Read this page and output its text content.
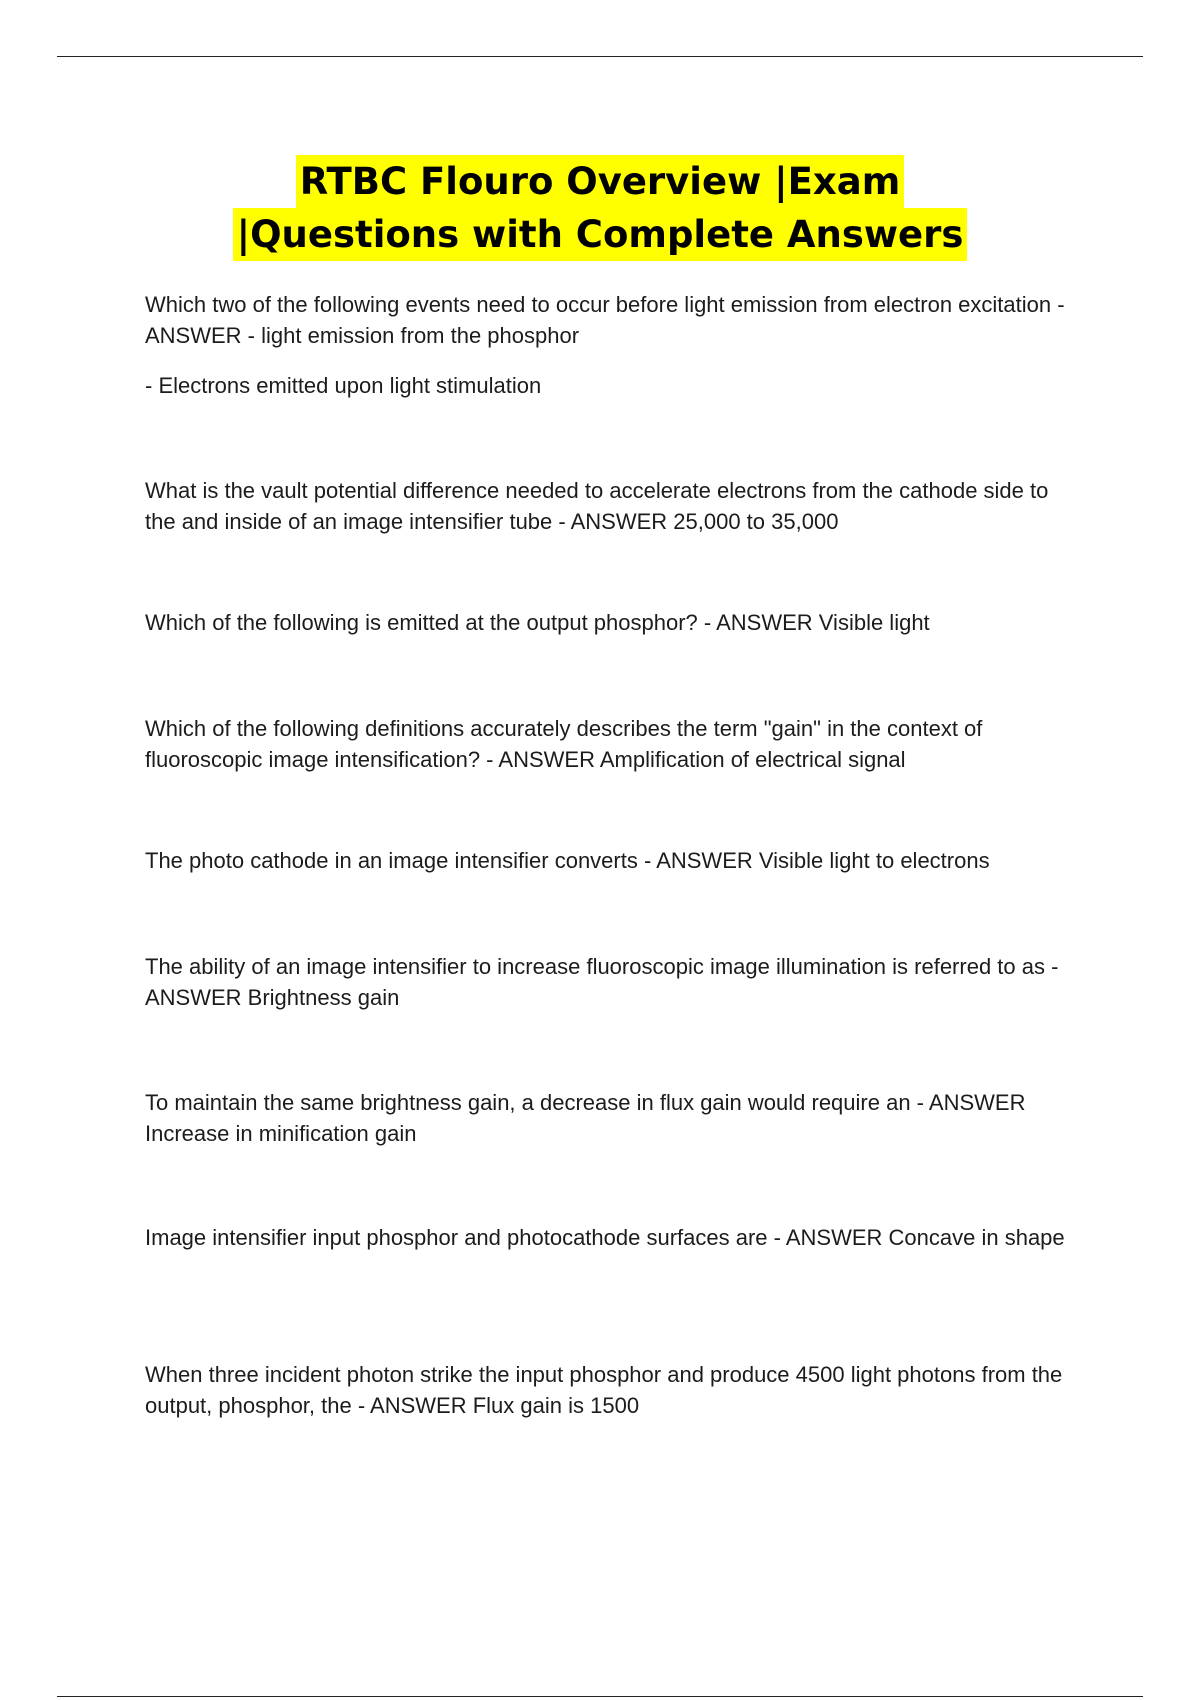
RTBC Flouro Overview |Exam
|Questions with Complete Answers

Which two of the following events need to occur before light emission from electron excitation - ANSWER - light emission from the phosphor

- Electrons emitted upon light stimulation

What is the vault potential difference needed to accelerate electrons from the cathode side to the and inside of an image intensifier tube - ANSWER 25,000 to 35,000

Which of the following is emitted at the output phosphor? - ANSWER Visible light

Which of the following definitions accurately describes the term "gain" in the context of fluoroscopic image intensification? - ANSWER Amplification of electrical signal

The photo cathode in an image intensifier converts - ANSWER Visible light to electrons

The ability of an image intensifier to increase fluoroscopic image illumination is referred to as - ANSWER Brightness gain

To maintain the same brightness gain, a decrease in flux gain would require an - ANSWER Increase in minification gain

Image intensifier input phosphor and photocathode surfaces are - ANSWER Concave in shape

When three incident photon strike the input phosphor and produce 4500 light photons from the output, phosphor, the - ANSWER Flux gain is 1500
